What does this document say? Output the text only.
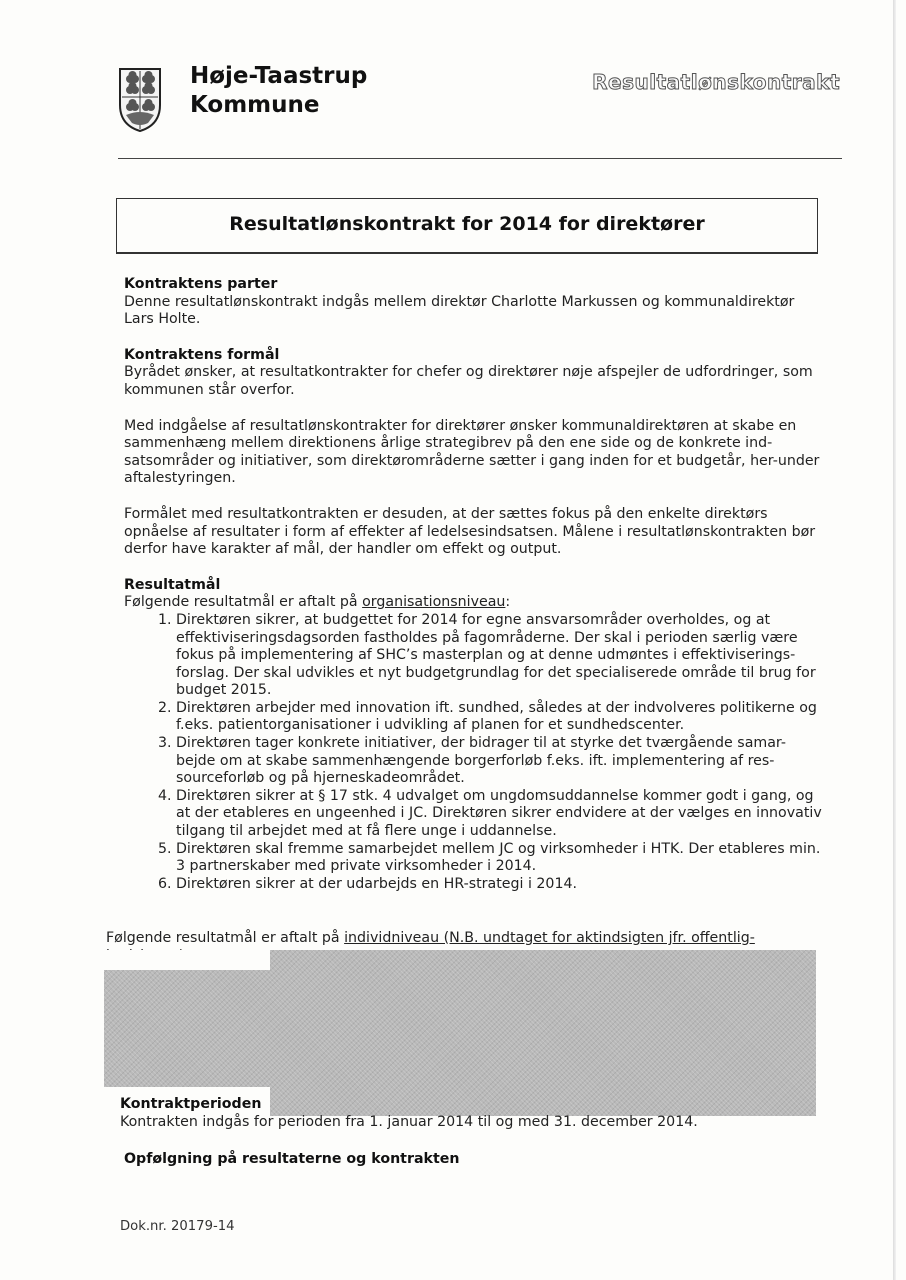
Høje-Taastrup
Kommune
Resultatlønskontrakt
Resultatlønskontrakt for 2014 for direktører
Kontraktens parter

Denne resultatlønskontrakt indgås mellem direktør Charlotte Markussen og kommunaldirektør Lars Holte.

Kontraktens formål

Byrådet ønsker, at resultatkontrakter for chefer og direktører nøje afspejler de udfordringer, som kommunen står overfor.

Med indgåelse af resultatlønskontrakter for direktører ønsker kommunaldirektøren at skabe en sammenhæng mellem direktionens årlige strategibrev på den ene side og de konkrete ind-satsområder og initiativer, som direktørområderne sætter i gang inden for et budgetår, her-under aftalestyringen.

Formålet med resultatkontrakten er desuden, at der sættes fokus på den enkelte direktørs opnåelse af resultater i form af effekter af ledelsesindsatsen. Målene i resultatlønskontrakten bør derfor have karakter af mål, der handler om effekt og output.

Resultatmål

Følgende resultatmål er aftalt på organisationsniveau:

1. Direktøren sikrer, at budgettet for 2014 for egne ansvarsområder overholdes, og at effektiviseringsdagsorden fastholdes på fagområderne. Der skal i perioden særlig være fokus på implementering af SHC’s masterplan og at denne udmøntes i effektiviserings-forslag. Der skal udvikles et nyt budgetgrundlag for det specialiserede område til brug for budget 2015.
2. Direktøren arbejder med innovation ift. sundhed, således at der indvolveres politikerne og f.eks. patientorganisationer i udvikling af planen for et sundhedscenter.
3. Direktøren tager konkrete initiativer, der bidrager til at styrke det tværgående samar-bejde om at skabe sammenhængende borgerforløb f.eks. ift. implementering af res-sourceforløb og på hjerneskadeområdet.
4. Direktøren sikrer at § 17 stk. 4 udvalget om ungdomsuddannelse kommer godt i gang, og at der etableres en ungeenhed i JC. Direktøren sikrer endvidere at der vælges en innovativ tilgang til arbejdet med at få flere unge i uddannelse.
5. Direktøren skal fremme samarbejdet mellem JC og virksomheder i HTK. Der etableres min. 3 partnerskaber med private virksomheder i 2014.
6. Direktøren sikrer at der udarbejds en HR-strategi i 2014.
Følgende resultatmål er aftalt på individniveau (N.B. undtaget for aktindsigten jfr. offentlig-
Kontraktperioden

Kontrakten indgås for perioden fra 1. januar 2014 til og med 31. december 2014.

Opfølgning på resultaterne og kontrakten
Dok.nr. 20179-14
